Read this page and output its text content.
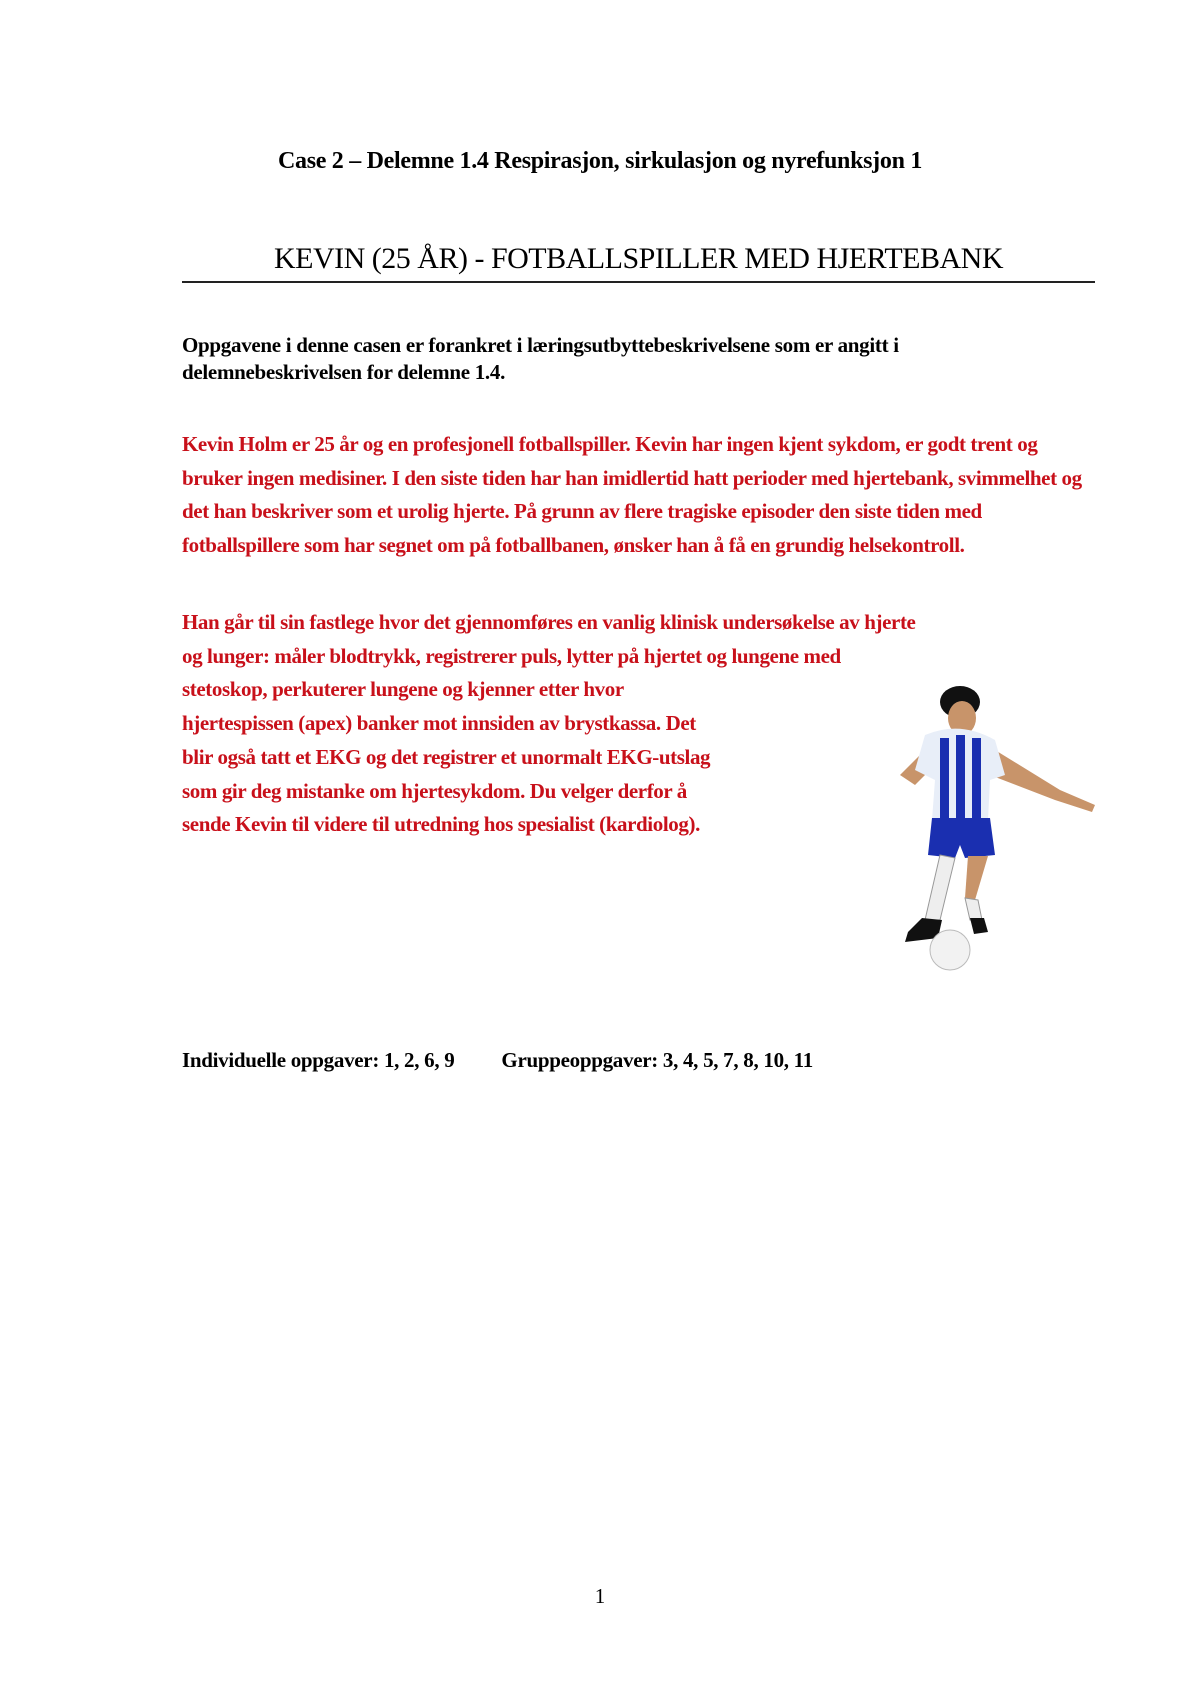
Case 2 – Delemne 1.4 Respirasjon, sirkulasjon og nyrefunksjon 1
KEVIN (25 ÅR) - FOTBALLSPILLER MED HJERTEBANK
Oppgavene i denne casen er forankret i læringsutbyttebeskrivelsene som er angitt i delemnebeskrivelsen for delemne 1.4.
Kevin Holm er 25 år og en profesjonell fotballspiller. Kevin har ingen kjent sykdom, er godt trent og bruker ingen medisiner. I den siste tiden har han imidlertid hatt perioder med hjertebank, svimmelhet og det han beskriver som et urolig hjerte. På grunn av flere tragiske episoder den siste tiden med fotballspillere som har segnet om på fotballbanen, ønsker han å få en grundig helsekontroll.
Han går til sin fastlege hvor det gjennomføres en vanlig klinisk undersøkelse av hjerte
og lunger: måler blodtrykk, registrerer puls, lytter på hjertet og lungene med
stetoskop, perkuterer lungene og kjenner etter hvor
hjertespissen (apex) banker mot innsiden av brystkassa. Det
blir også tatt et EKG og det registrer et unormalt EKG-utslag
som gir deg mistanke om hjertesykdom. Du velger derfor å
sende Kevin til videre til utredning hos spesialist (kardiolog).
Individuelle oppgaver: 1, 2, 6, 9 Gruppeoppgaver: 3, 4, 5, 7, 8, 10, 11
1
